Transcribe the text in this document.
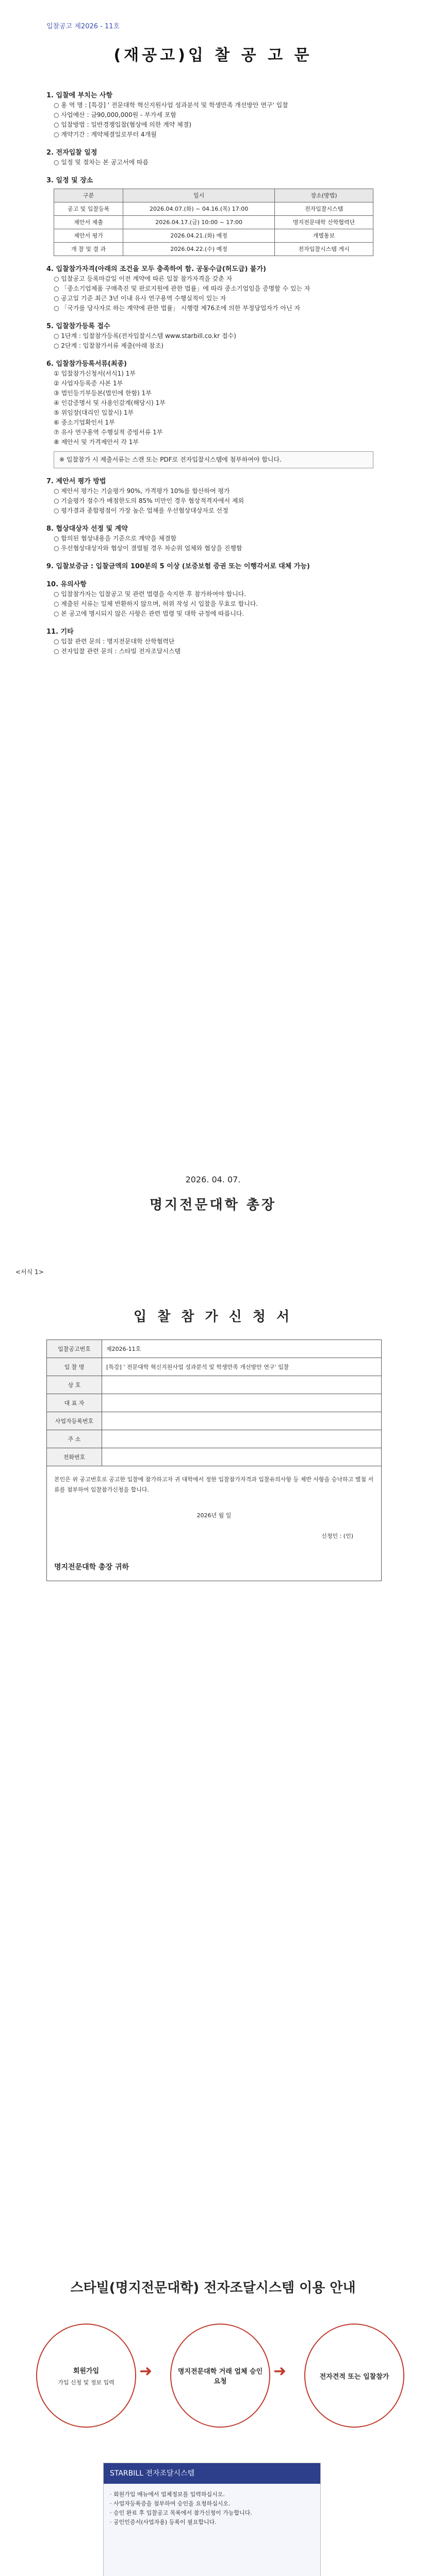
입찰공고 제2026 - 11호
(재공고)입 찰 공 고 문
1. 입찰에 부치는 사항
○ 용 역 명 : [특강] ' 전문대학 혁신지원사업 성과분석 및 학생만족 개선방안 연구' 입찰
○ 사업예산 : 금90,000,000원 - 부가세 포함
○ 입찰방법 : 일반경쟁입찰(협상에 의한 계약 체결)
○ 계약기간 : 계약체결일로부터 4개월
2. 전자입찰 일정
○ 일정 및 절차는 본 공고서에 따름
3. 일정 및 장소
구분	일시	장소(방법)
공고 및 입찰등록	2026.04.07.(화) ~ 04.16.(목) 17:00	전자입찰시스템
제안서 제출	2026.04.17.(금) 10:00 ~ 17:00	명지전문대학 산학협력단
제안서 평가	2026.04.21.(화) 예정	개별통보
개 찰 및 결 과	2026.04.22.(수) 예정	전자입찰시스템 게시
4. 입찰참가자격(아래의 조건을 모두 충족하여 함. 공동수급(허도급) 불가)
○ 입찰공고 등록마감일 이전 계약에 따른 입찰 참가자격을 갖춘 자
○ 「중소기업제품 구매촉진 및 판로지원에 관한 법률」에 따라 중소기업임을 증명할 수 있는 자
○ 공고일 기준 최근 3년 이내 유사 연구용역 수행실적이 있는 자
○ 「국가를 당사자로 하는 계약에 관한 법률」 시행령 제76조에 의한 부정당업자가 아닌 자
5. 입찰참가등록 접수
○ 1단계 : 입찰참가등록(전자입찰시스템 www.starbill.co.kr 접수)
○ 2단계 : 입찰참가서류 제출(아래 참조)
6. 입찰참가등록서류(최종)
① 입찰참가신청서(서식1) 1부
② 사업자등록증 사본 1부
③ 법인등기부등본(법인에 한함) 1부
④ 인감증명서 및 사용인감계(해당시) 1부
⑤ 위임장(대리인 입찰시) 1부
⑥ 중소기업확인서 1부
⑦ 유사 연구용역 수행실적 증빙서류 1부
⑧ 제안서 및 가격제안서 각 1부
※ 입찰참가 시 제출서류는 스캔 또는 PDF로 전자입찰시스템에 첨부하여야 합니다.
7. 제안서 평가 방법
○ 제안서 평가는 기술평가 90%, 가격평가 10%를 합산하여 평가
○ 기술평가 점수가 배점한도의 85% 미만인 경우 협상적격자에서 제외
○ 평가결과 종합평점이 가장 높은 업체를 우선협상대상자로 선정
8. 협상대상자 선정 및 계약
○ 합의된 협상내용을 기준으로 계약을 체결함
○ 우선협상대상자와 협상이 결렬될 경우 차순위 업체와 협상을 진행함
9. 입찰보증금 : 입찰금액의 100분의 5 이상 (보증보험 증권 또는 이행각서로 대체 가능)
10. 유의사항
○ 입찰참가자는 입찰공고 및 관련 법령을 숙지한 후 참가하여야 합니다.
○ 제출된 서류는 일체 반환하지 않으며, 허위 작성 시 입찰을 무효로 합니다.
○ 본 공고에 명시되지 않은 사항은 관련 법령 및 대학 규정에 따릅니다.
11. 기타
○ 입찰 관련 문의 : 명지전문대학 산학협력단
○ 전자입찰 관련 문의 : 스타빌 전자조달시스템
2026. 04. 07.
명지전문대학 총장
<서식 1>
입 찰 참 가 신 청 서
입찰공고번호	제2026-11호
입 찰 명	[특강] ' 전문대학 혁신지원사업 성과분석 및 학생만족 개선방안 연구' 입찰
상 호	
대 표 자	
사업자등록번호	
주 소	
전화번호	

본인은 위 공고번호로 공고한 입찰에 참가하고자 귀 대학에서 정한 입찰참가자격과 입찰유의사항 등 제반 사항을 승낙하고 별첨 서류를 첨부하여 입찰참가신청을 합니다.
2026년 월 일
신청인 : (인)
명지전문대학 총장 귀하	
스타빌(명지전문대학) 전자조달시스템 이용 안내
회원가입
가입 신청 및 정보 입력
➜	명지전문대학 거래 업체 승인 요청
➜	전자견적 또는 입찰참가
STARBILL 전자조달시스템
· 회원가입 메뉴에서 업체정보를 입력하십시오.
· 사업자등록증을 첨부하여 승인을 요청하십시오.
· 승인 완료 후 입찰공고 목록에서 참가신청이 가능합니다.
· 공인인증서(사업자용) 등록이 필요합니다.
